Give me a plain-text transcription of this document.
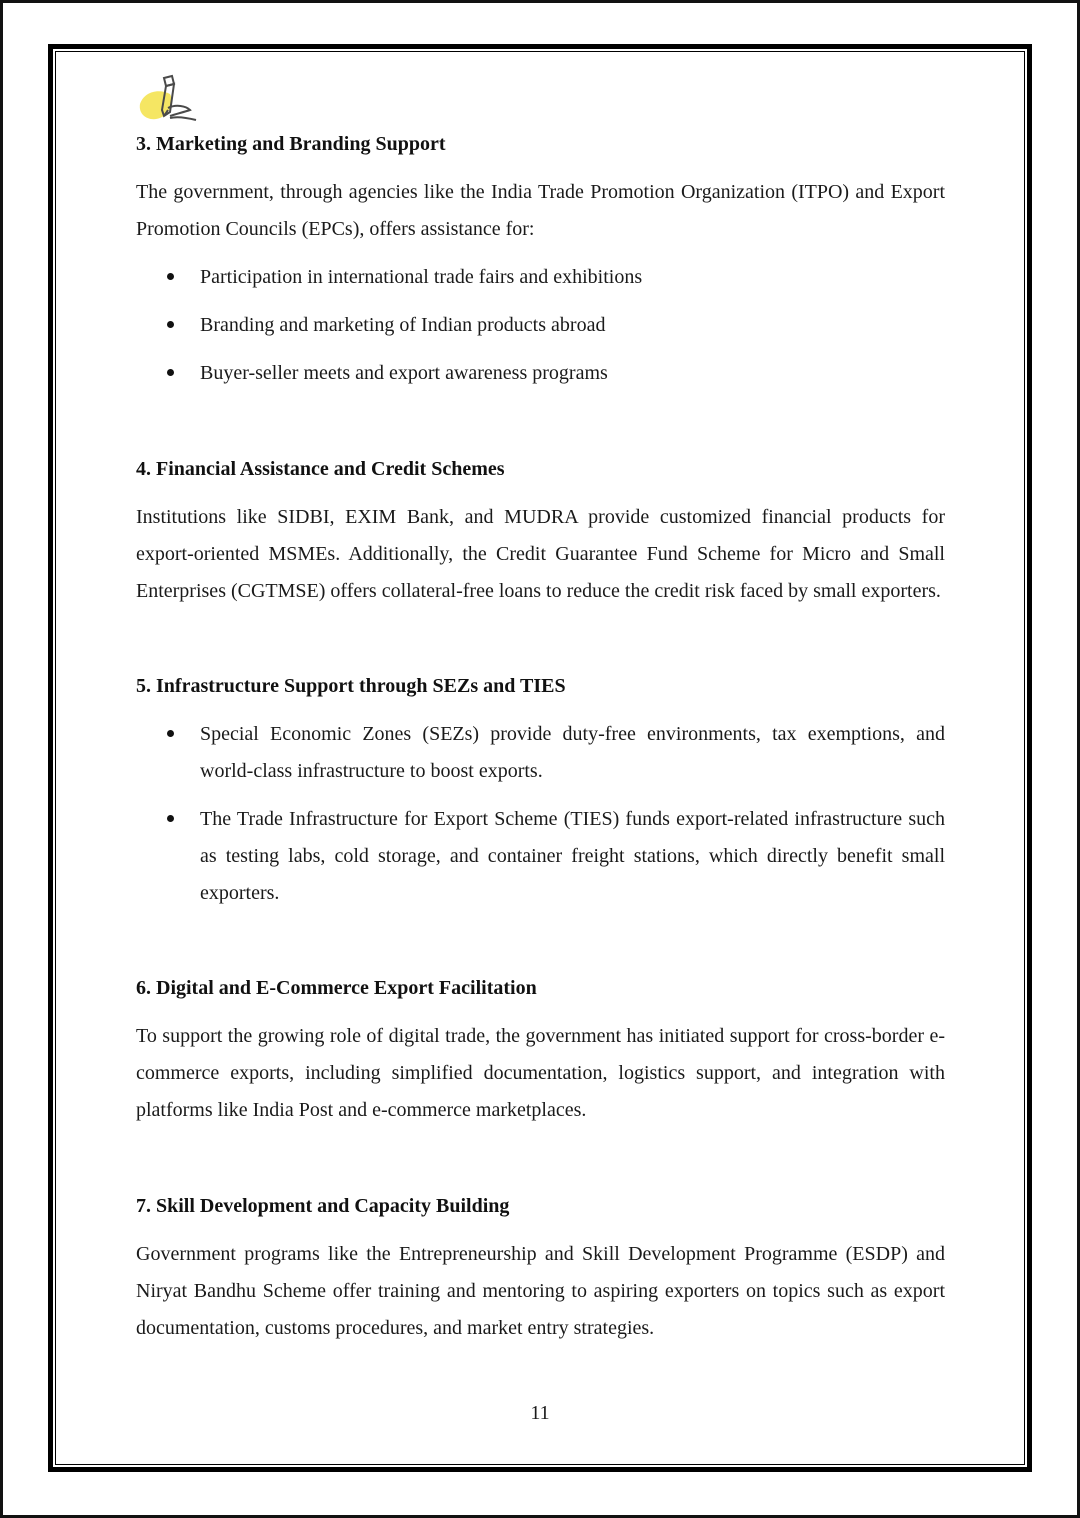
3. Marketing and Branding Support

The government, through agencies like the India Trade Promotion Organization (ITPO) and Export Promotion Councils (EPCs), offers assistance for:

Participation in international trade fairs and exhibitions
Branding and marketing of Indian products abroad
Buyer-seller meets and export awareness programs
4. Financial Assistance and Credit Schemes

Institutions like SIDBI, EXIM Bank, and MUDRA provide customized financial products for export-oriented MSMEs. Additionally, the Credit Guarantee Fund Scheme for Micro and Small Enterprises (CGTMSE) offers collateral-free loans to reduce the credit risk faced by small exporters.

5. Infrastructure Support through SEZs and TIES
Special Economic Zones (SEZs) provide duty-free environments, tax exemptions, and world-class infrastructure to boost exports.
The Trade Infrastructure for Export Scheme (TIES) funds export-related infrastructure such as testing labs, cold storage, and container freight stations, which directly benefit small exporters.
6. Digital and E-Commerce Export Facilitation

To support the growing role of digital trade, the government has initiated support for cross-border e-commerce exports, including simplified documentation, logistics support, and integration with platforms like India Post and e-commerce marketplaces.

7. Skill Development and Capacity Building

Government programs like the Entrepreneurship and Skill Development Programme (ESDP) and Niryat Bandhu Scheme offer training and mentoring to aspiring exporters on topics such as export documentation, customs procedures, and market entry strategies.

11
